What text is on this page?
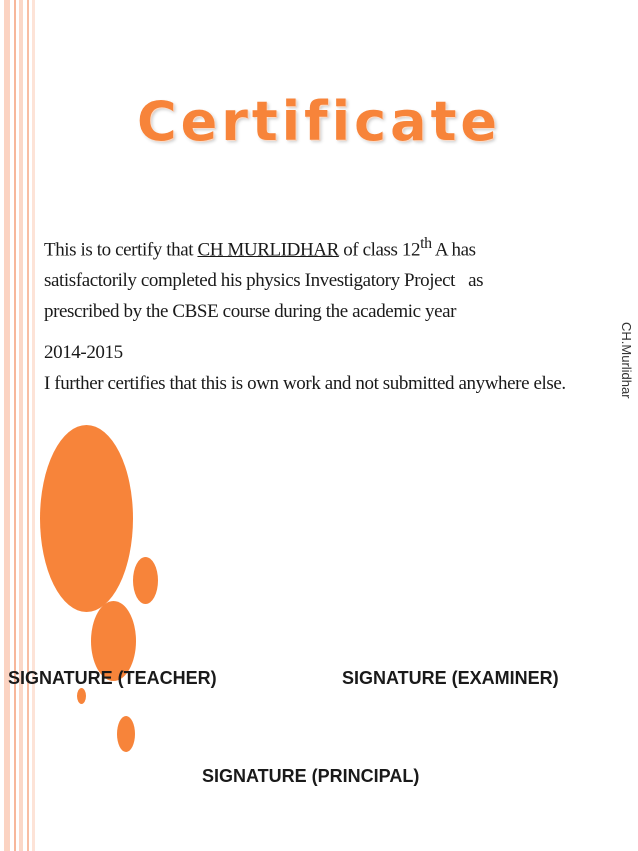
Certificate

This is to certify that CH MURLIDHAR of class 12th A has

satisfactorily completed his physics Investigatory Project   as

prescribed by the CBSE course during the academic year

2014-2015

I further certifies that this is own work and not submitted anywhere else.	CH.Murlidhar
SIGNATURE (TEACHER)	SIGNATURE (EXAMINER)
SIGNATURE (PRINCIPAL)
